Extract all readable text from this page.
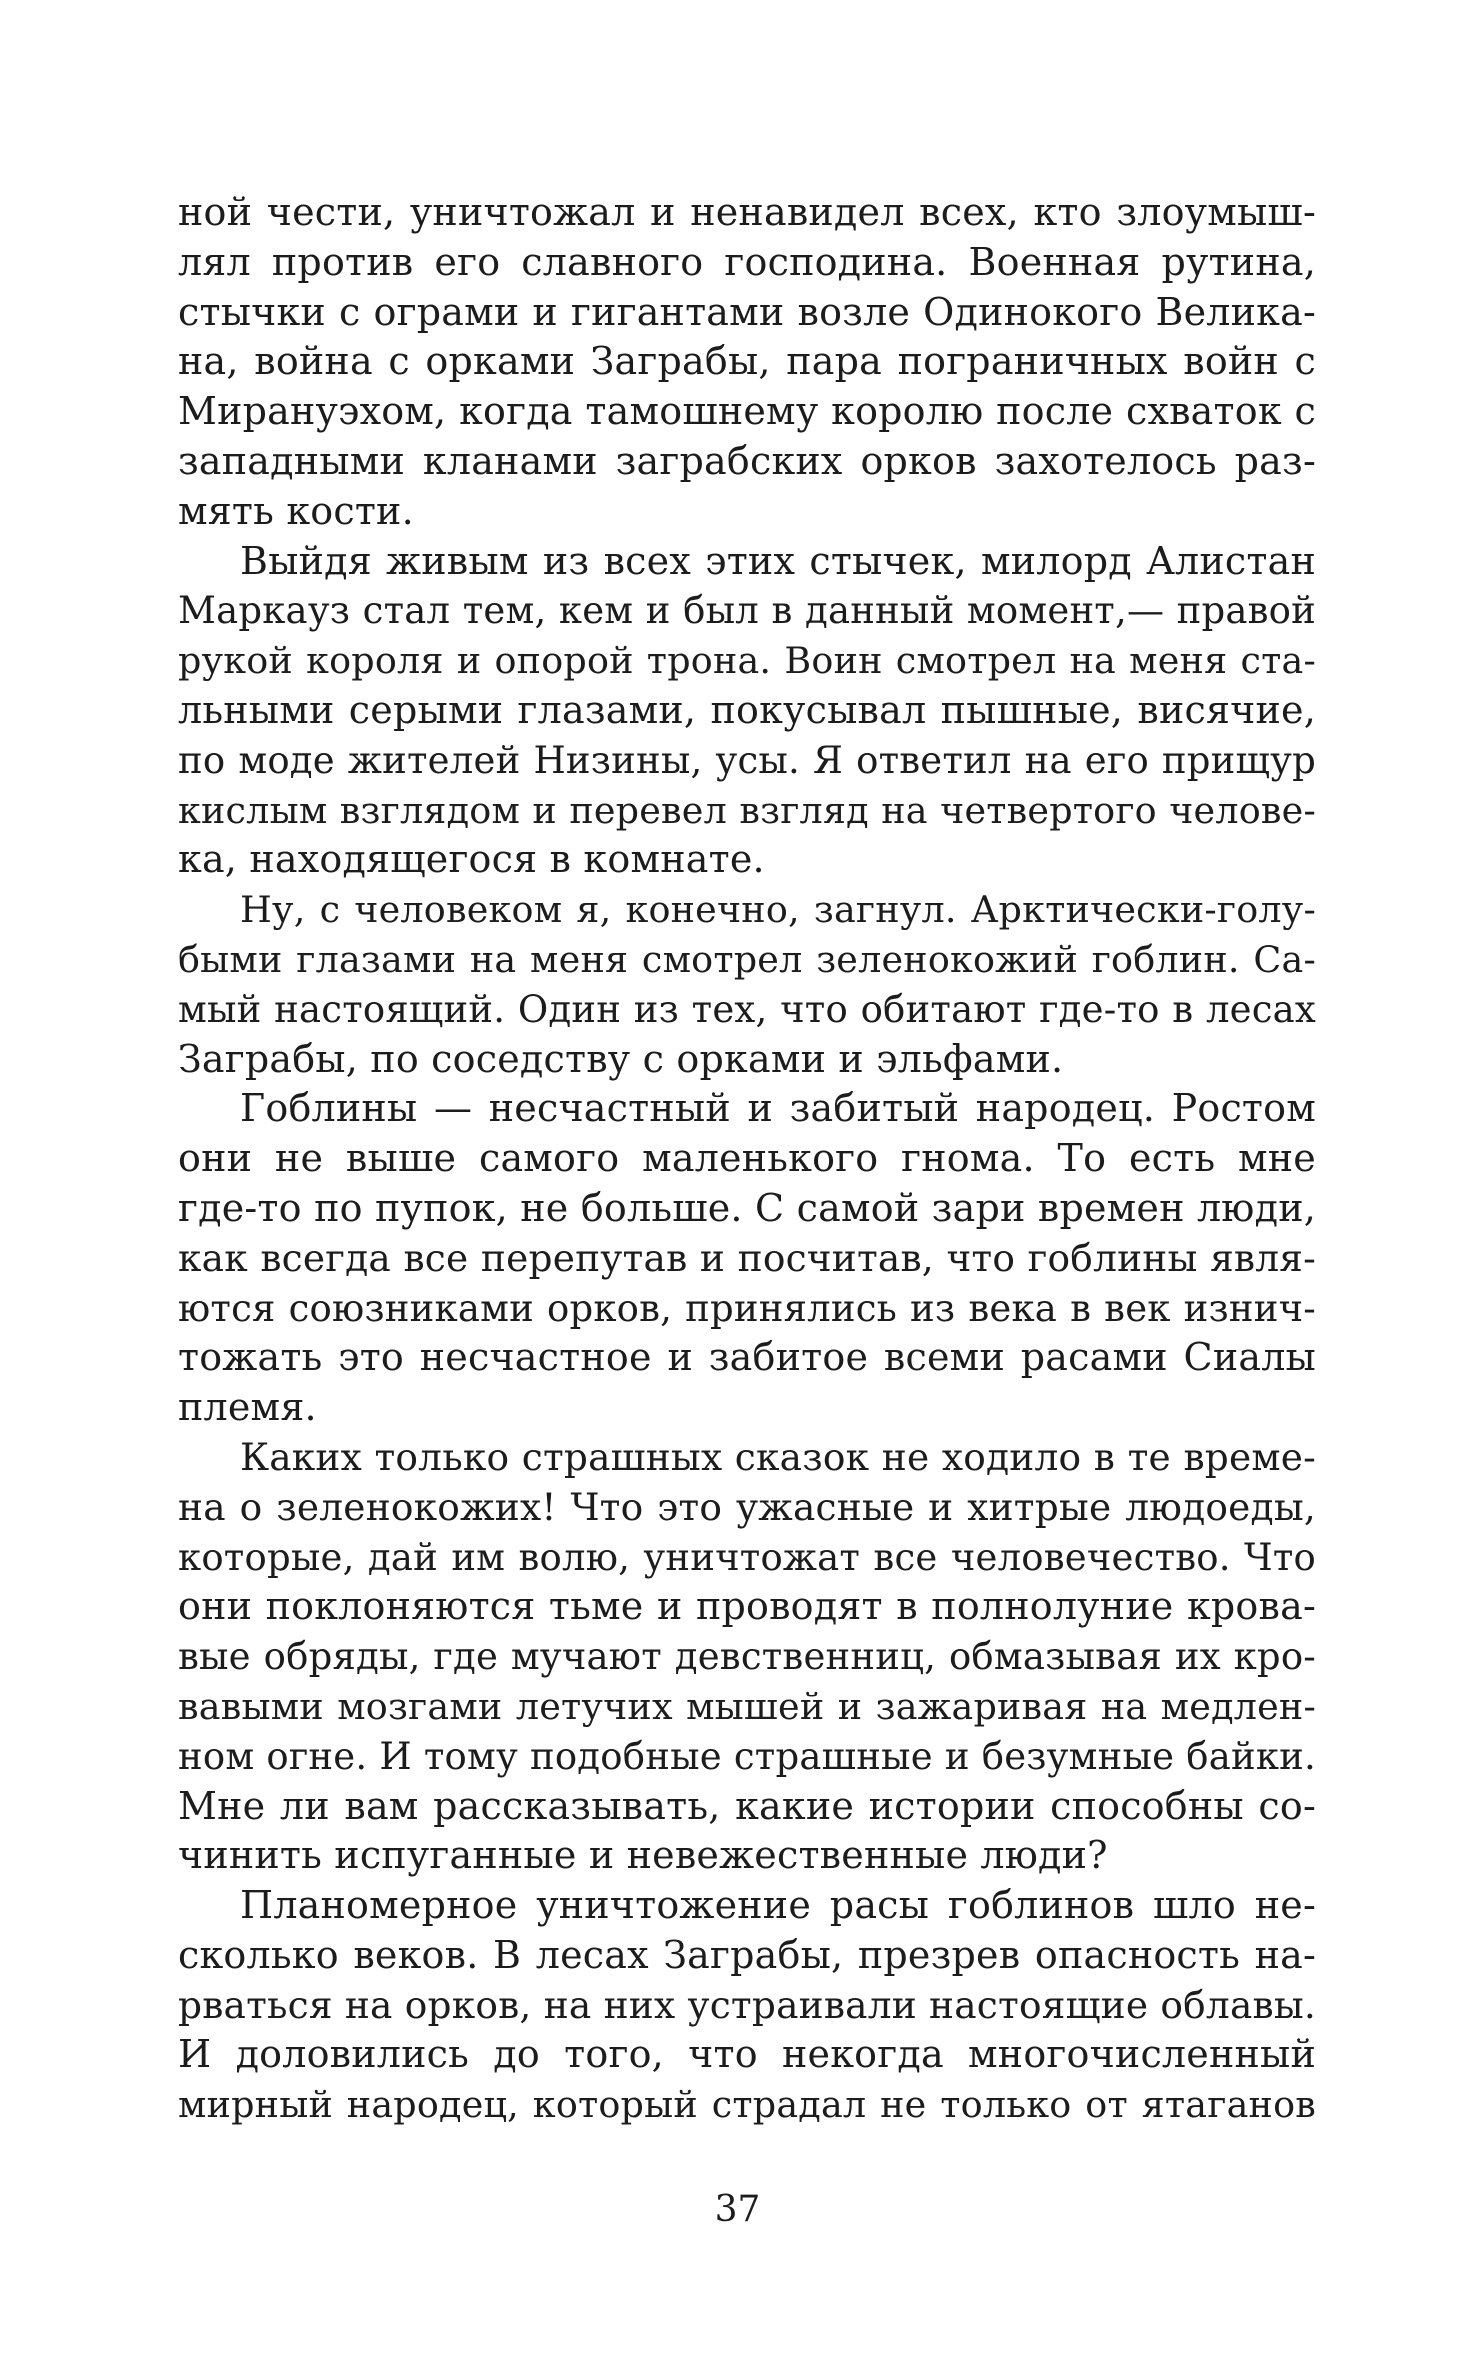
ной чести, уничтожал и ненавидел всех, кто злоумыш-
лял против его славного господина. Военная рутина,
стычки с ограми и гигантами возле Одинокого Велика-
на, война с орками Заграбы, пара пограничных войн с
Мирануэхом, когда тамошнему королю после схваток с
западными кланами заграбских орков захотелось раз-
мять кости.
Выйдя живым из всех этих стычек, милорд Алистан
Маркауз стал тем, кем и был в данный момент,— правой
рукой короля и опорой трона. Воин смотрел на меня ста-
льными серыми глазами, покусывал пышные, висячие,
по моде жителей Низины, усы. Я ответил на его прищур
кислым взглядом и перевел взгляд на четвертого челове-
ка, находящегося в комнате.
Ну, с человеком я, конечно, загнул. Арктически-голу-
быми глазами на меня смотрел зеленокожий гоблин. Са-
мый настоящий. Один из тех, что обитают где-то в лесах
Заграбы, по соседству с орками и эльфами.
Гоблины — несчастный и забитый народец. Ростом
они не выше самого маленького гнома. То есть мне
где-то по пупок, не больше. С самой зари времен люди,
как всегда все перепутав и посчитав, что гоблины явля-
ются союзниками орков, принялись из века в век изнич-
тожать это несчастное и забитое всеми расами Сиалы
племя.
Каких только страшных сказок не ходило в те време-
на о зеленокожих! Что это ужасные и хитрые людоеды,
которые, дай им волю, уничтожат все человечество. Что
они поклоняются тьме и проводят в полнолуние крова-
вые обряды, где мучают девственниц, обмазывая их кро-
вавыми мозгами летучих мышей и зажаривая на медлен-
ном огне. И тому подобные страшные и безумные байки.
Мне ли вам рассказывать, какие истории способны со-
чинить испуганные и невежественные люди?
Планомерное уничтожение расы гоблинов шло не-
сколько веков. В лесах Заграбы, презрев опасность на-
рваться на орков, на них устраивали настоящие облавы.
И доловились до того, что некогда многочисленный
мирный народец, который страдал не только от ятаганов
37
